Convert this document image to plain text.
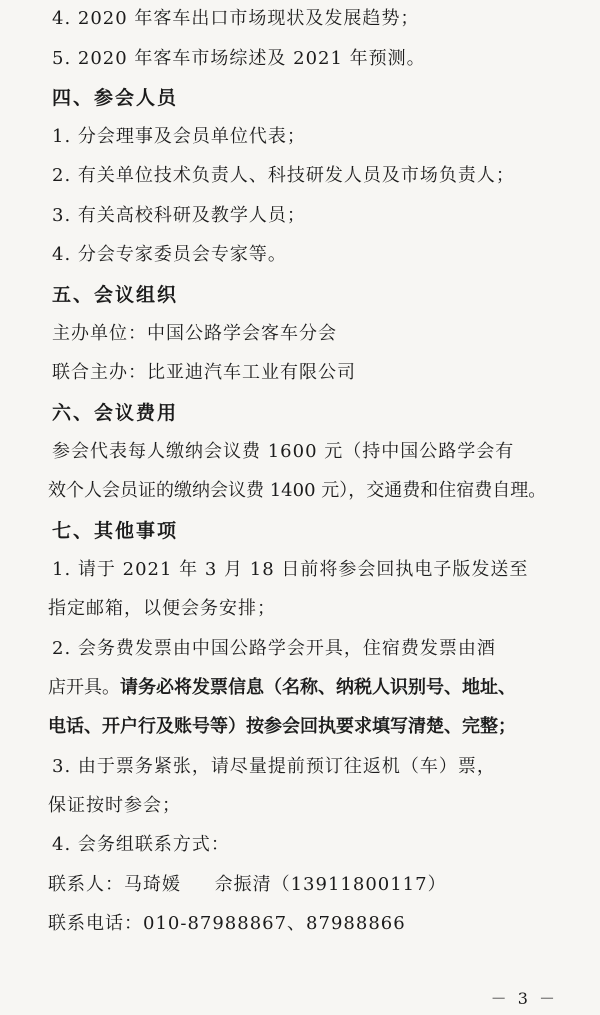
4. 2020 年客车出口市场现状及发展趋势；
5. 2020 年客车市场综述及 2021 年预测。
四、参会人员
1. 分会理事及会员单位代表；
2. 有关单位技术负责人、科技研发人员及市场负责人；
3. 有关高校科研及教学人员；
4. 分会专家委员会专家等。
五、会议组织
主办单位：中国公路学会客车分会
联合主办：比亚迪汽车工业有限公司
六、会议费用
参会代表每人缴纳会议费 1600 元（持中国公路学会有
效个人会员证的缴纳会议费 1400 元），交通费和住宿费自理。
七、其他事项
1. 请于 2021 年 3 月 18 日前将参会回执电子版发送至
指定邮箱，以便会务安排；
2. 会务费发票由中国公路学会开具，住宿费发票由酒
店开具。请务必将发票信息（名称、纳税人识别号、地址、
电话、开户行及账号等）按参会回执要求填写清楚、完整；
3. 由于票务紧张，请尽量提前预订往返机（车）票，
保证按时参会；
4. 会务组联系方式：
联系人：马琦媛     佘振清（13911800117）
联系电话：010-87988867、87988866
－ 3 －
